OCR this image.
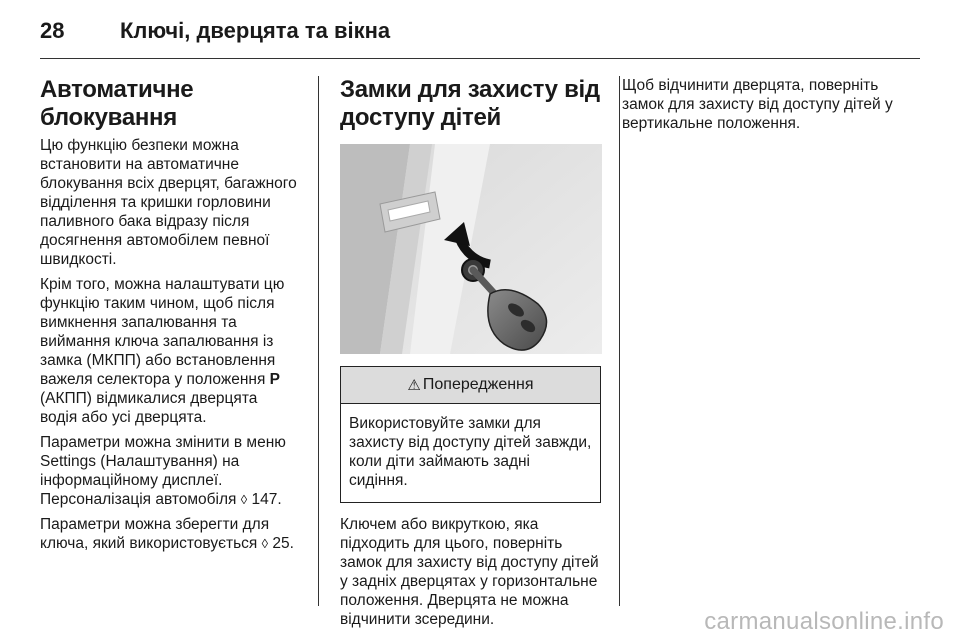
28	Ключі, дверцята та вікна
Автоматичне блокування

Цю функцію безпеки можна встановити на автоматичне блокування всіх дверцят, багажного відділення та кришки горловини паливного бака відразу після досягнення автомобілем певної швидкості.

Крім того, можна налаштувати цю функцію таким чином, щоб після вимкнення запалювання та виймання ключа запалювання із замка (МКПП) або встановлення важеля селектора у положення P (АКПП) відмикалися дверцята водія або усі дверцята.

Параметри можна змінити в меню Settings (Налаштування) на інформаційному дисплеї. Персоналізація автомобіля ◊ 147.

Параметри можна зберегти для ключа, який використовується ◊ 25.

Замки для захисту від доступу дітей
⚠ Попередження
Використовуйте замки для захисту від доступу дітей завжди, коли діти займають задні сидіння.

Ключем або викруткою, яка підходить для цього, поверніть замок для захисту від доступу дітей у задніх дверцятах у горизонтальне положення. Дверцята не можна відчинити зсередини.

Щоб відчинити дверцята, поверніть замок для захисту від доступу дітей у вертикальне положення.

carmanualsonline.info
